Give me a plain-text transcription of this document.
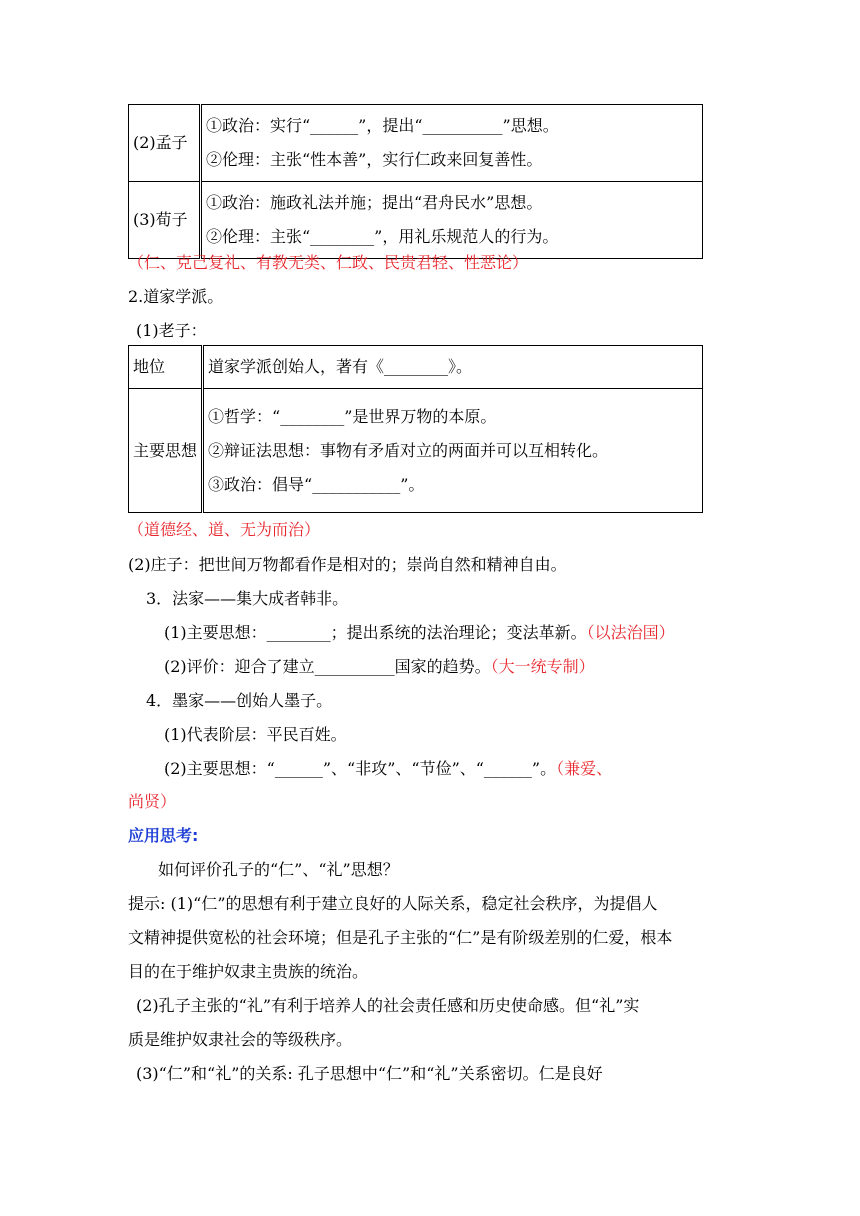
(2)孟子	①政治：实行“______”，提出“__________”思想。
②伦理：主张“性本善”，实行仁政来回复善性。

(3)荀子	①政治：施政礼法并施；提出“君舟民水”思想。
②伦理：主张“________”，用礼乐规范人的行为。
（仁、克己复礼、有教无类、仁政、民贵君轻、性恶论）
2.道家学派。
(1)老子：
地位	道家学派创始人，著有《________》。

主要思想	①哲学：“________”是世界万物的本原。
②辩证法思想：事物有矛盾对立的两面并可以互相转化。
③政治：倡导“___________”。
（道德经、道、无为而治）
(2)庄子：把世间万物都看作是相对的；崇尚自然和精神自由。
3．法家——集大成者韩非。
(1)主要思想：________；提出系统的法治理论；变法革新。（以法治国）
(2)评价：迎合了建立__________国家的趋势。（大一统专制）
4．墨家——创始人墨子。
(1)代表阶层：平民百姓。
(2)主要思想：“______”、“非攻”、“节俭”、“______”。（兼爱、
尚贤）
应用思考:
如何评价孔子的“仁”、“礼”思想？
提示: (1)“仁”的思想有利于建立良好的人际关系，稳定社会秩序，为提倡人
文精神提供宽松的社会环境；但是孔子主张的“仁”是有阶级差别的仁爱，根本
目的在于维护奴隶主贵族的统治。
(2)孔子主张的“礼”有利于培养人的社会责任感和历史使命感。但“礼”实
质是维护奴隶社会的等级秩序。
(3)“仁”和“礼”的关系: 孔子思想中“仁”和“礼”关系密切。仁是良好
